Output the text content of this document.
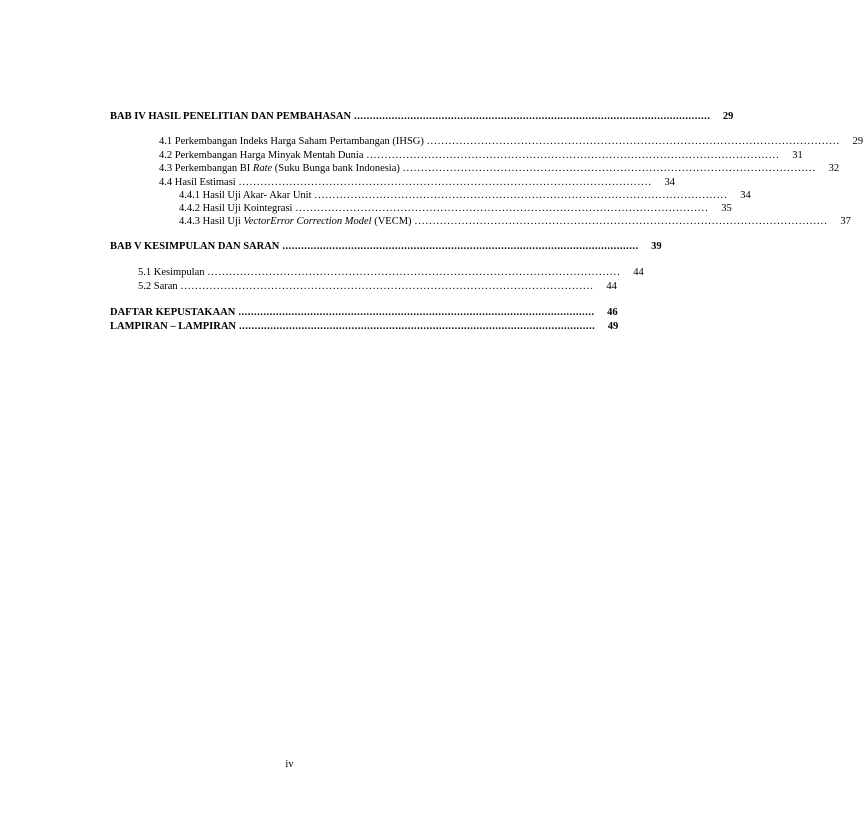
BAB IV HASIL PENELITIAN DAN PEMBAHASAN ..................................................................................................................	29
4.1 Perkembangan Indeks Harga Saham Pertambangan (IHSG) ..................................................................................................................	29
4.2 Perkembangan Harga Minyak Mentah Dunia ..................................................................................................................	31
4.3 Perkembangan BI Rate (Suku Bunga bank Indonesia) ..................................................................................................................	32
4.4 Hasil Estimasi ..................................................................................................................	34
4.4.1 Hasil Uji Akar- Akar Unit ..................................................................................................................	34
4.4.2 Hasil Uji Kointegrasi ..................................................................................................................	35
4.4.3 Hasil Uji VectorError Correction Model (VECM) ..................................................................................................................	37
BAB V KESIMPULAN DAN SARAN ..................................................................................................................	39
5.1 Kesimpulan ..................................................................................................................	44
5.2 Saran ..................................................................................................................	44
DAFTAR KEPUSTAKAAN ..................................................................................................................	46
LAMPIRAN – LAMPIRAN ..................................................................................................................	49
iv
